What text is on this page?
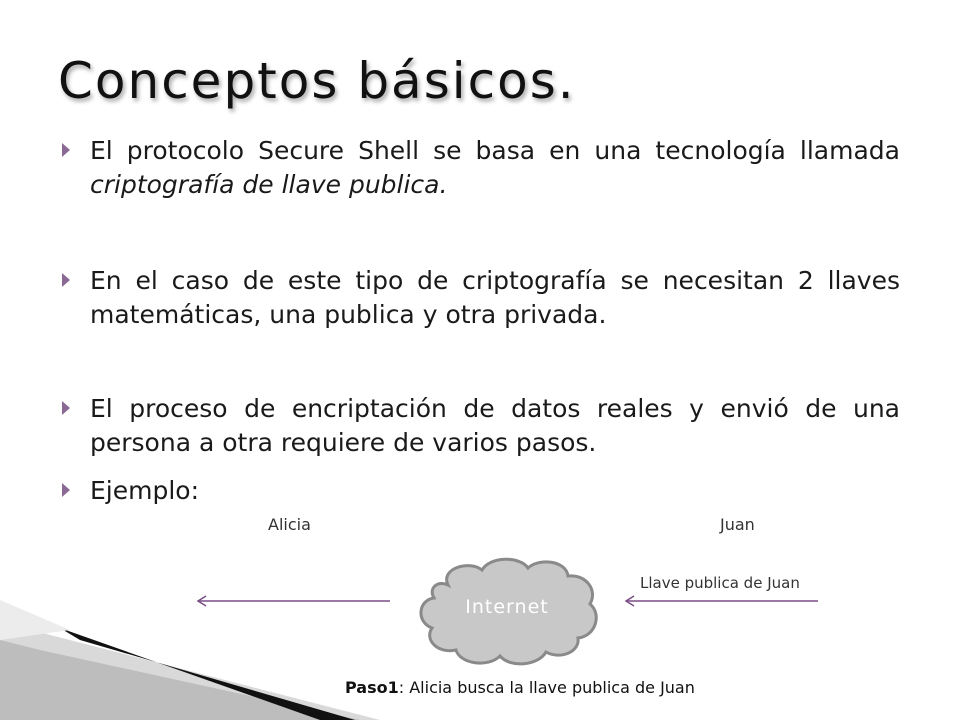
Conceptos básicos.
El protocolo Secure Shell se basa en una tecnología llamada criptografía de llave publica.
En el caso de este tipo de criptografía se necesitan 2 llaves matemáticas, una publica y otra privada.
El proceso de encriptación de datos reales y envió de una persona a otra requiere de varios pasos.
Ejemplo:
Alicia	Juan
Llave publica de Juan
Internet
Paso1: Alicia busca la llave publica de Juan
